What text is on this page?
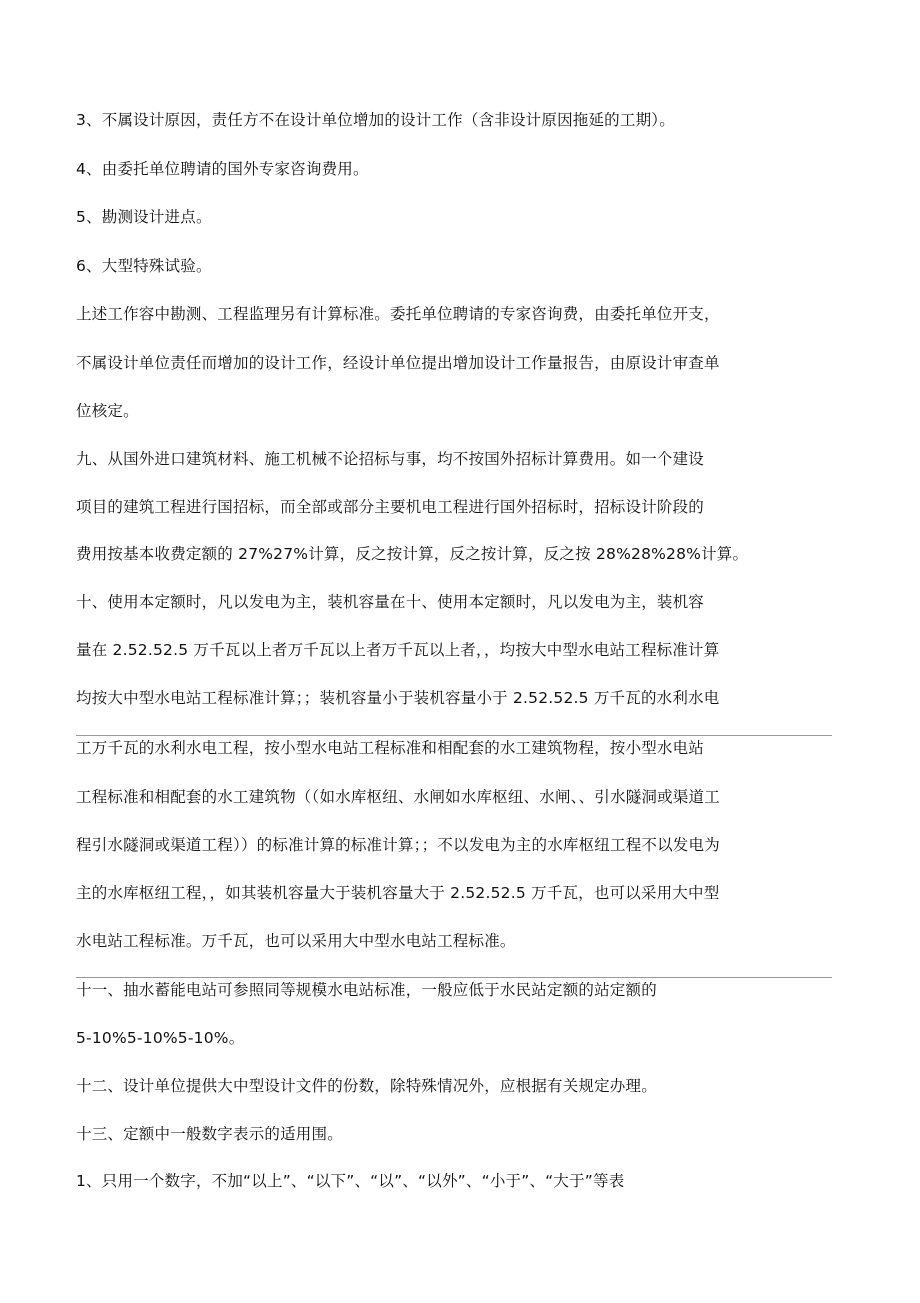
3、不属设计原因，责任方不在设计单位增加的设计工作（含非设计原因拖延的工期）。
4、由委托单位聘请的国外专家咨询费用。
5、勘测设计进点。
6、大型特殊试验。
上述工作容中勘测、工程监理另有计算标准。委托单位聘请的专家咨询费，由委托单位开支，
不属设计单位责任而增加的设计工作，经设计单位提出增加设计工作量报告，由原设计审查单
位核定。
九、从国外进口建筑材料、施工机械不论招标与事，均不按国外招标计算费用。如一个建设
项目的建筑工程进行国招标，而全部或部分主要机电工程进行国外招标时，招标设计阶段的
费用按基本收费定额的 27%27%计算，反之按计算，反之按计算，反之按 28%28%28%计算。
十、使用本定额时，凡以发电为主，装机容量在十、使用本定额时，凡以发电为主，装机容
量在 2.52.52.5 万千瓦以上者万千瓦以上者万千瓦以上者，，均按大中型水电站工程标准计算
均按大中型水电站工程标准计算；；装机容量小于装机容量小于 2.52.52.5 万千瓦的水利水电
工万千瓦的水利水电工程，按小型水电站工程标准和相配套的水工建筑物程，按小型水电站
工程标准和相配套的水工建筑物（（如水库枢纽、水闸如水库枢纽、水闸、、引水隧洞或渠道工
程引水隧洞或渠道工程））的标准计算的标准计算；；不以发电为主的水库枢纽工程不以发电为
主的水库枢纽工程，，如其装机容量大于装机容量大于 2.52.52.5 万千瓦，也可以采用大中型
水电站工程标准。万千瓦，也可以采用大中型水电站工程标准。
十一、抽水蓄能电站可参照同等规模水电站标准，一般应低于水民站定额的站定额的
5-10%5-10%5-10%。
十二、设计单位提供大中型设计文件的份数，除特殊情况外，应根据有关规定办理。
十三、定额中一般数字表示的适用围。
1、只用一个数字，不加“以上”、“以下”、“以”、“以外”、“小于”、“大于”等表
